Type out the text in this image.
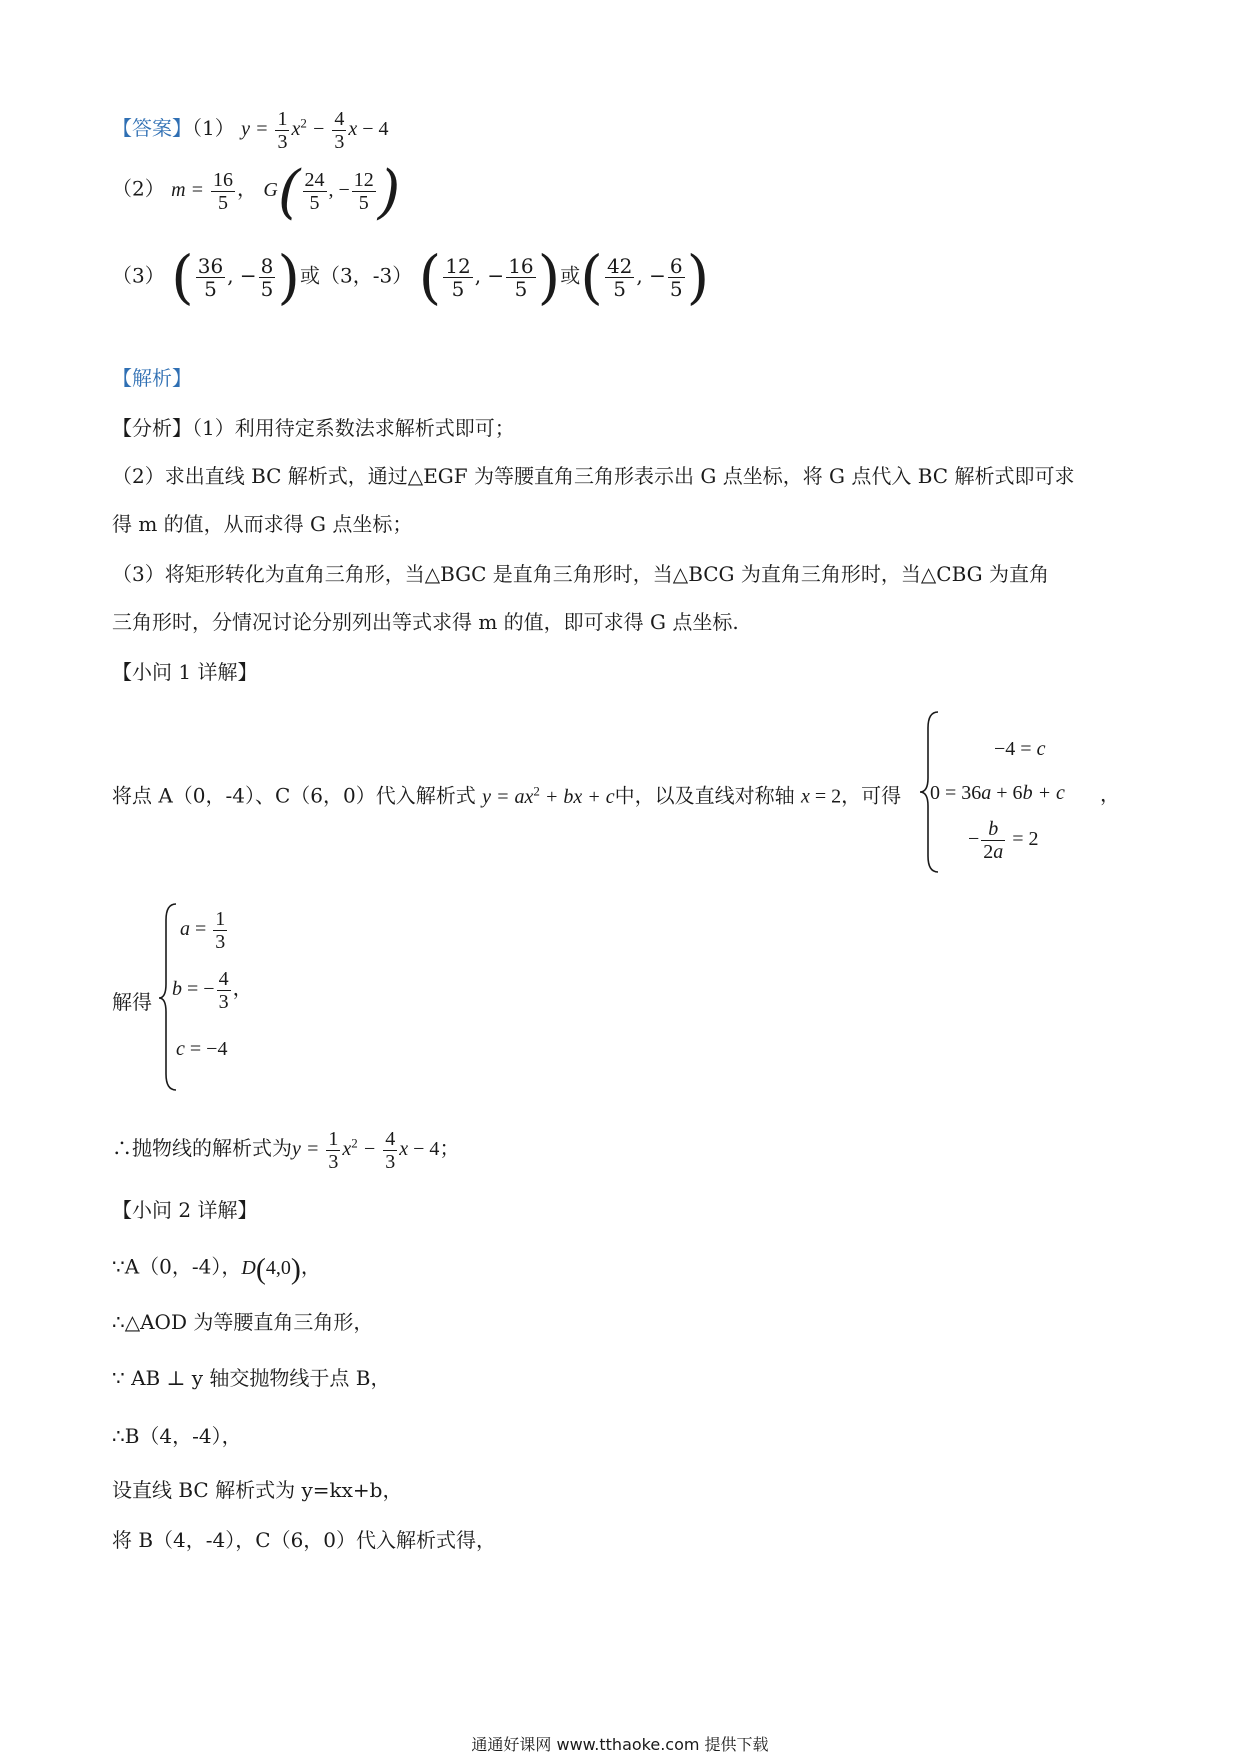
【答案】（1） $y = \frac{1}{3} x^2 - \frac{4}{3}$ x − 4
（2） $m = \frac{16}{5}$ ， $G( \frac{24}{5}$ , − $\frac{12}{5}$ )
（3） ( $\frac{36}{5}$ , − $\frac{8}{5}$ )或（3，-3） ( $\frac{12}{5}$ , − $\frac{16}{5}$ )或( $\frac{42}{5}$ , − $\frac{6}{5}$ )
【解析】
【分析】（1）利用待定系数法求解析式即可；
（2）求出直线 BC 解析式，通过△EGF 为等腰直角三角形表示出 G 点坐标，将 G 点代入 BC 解析式即可求
得 m 的值，从而求得 G 点坐标；
（3）将矩形转化为直角三角形，当△BGC 是直角三角形时，当△BCG 为直角三角形时，当△CBG 为直角
三角形时，分情况讨论分别列出等式求得 m 的值，即可求得 G 点坐标.
【小问 1 详解】
将点 A（0，-4）、C（6，0）代入解析式 $y = ax^2$ + bx + c中，以及直线对称轴 x = 2，可得
−4 = c
0 = 36a + 6b + c
− $\frac{b}{2a} = 2$
，
解得
$a = \frac{1}{3}$
b = − $\frac{4}{3}$ ，
c = −4
∴抛物线的解析式为$y = \frac{1}{3} x^2 - \frac{4}{3}$ x − 4；
【小问 2 详解】
∵A（0，-4），D(4,0)，
∴△AOD 为等腰直角三角形，
∵ AB ⊥ y 轴交抛物线于点 B，
∴B（4，-4），
设直线 BC 解析式为 y=kx+b，
将 B（4，-4），C（6，0）代入解析式得，
通通好课网 www.tthaoke.com 提供下载
